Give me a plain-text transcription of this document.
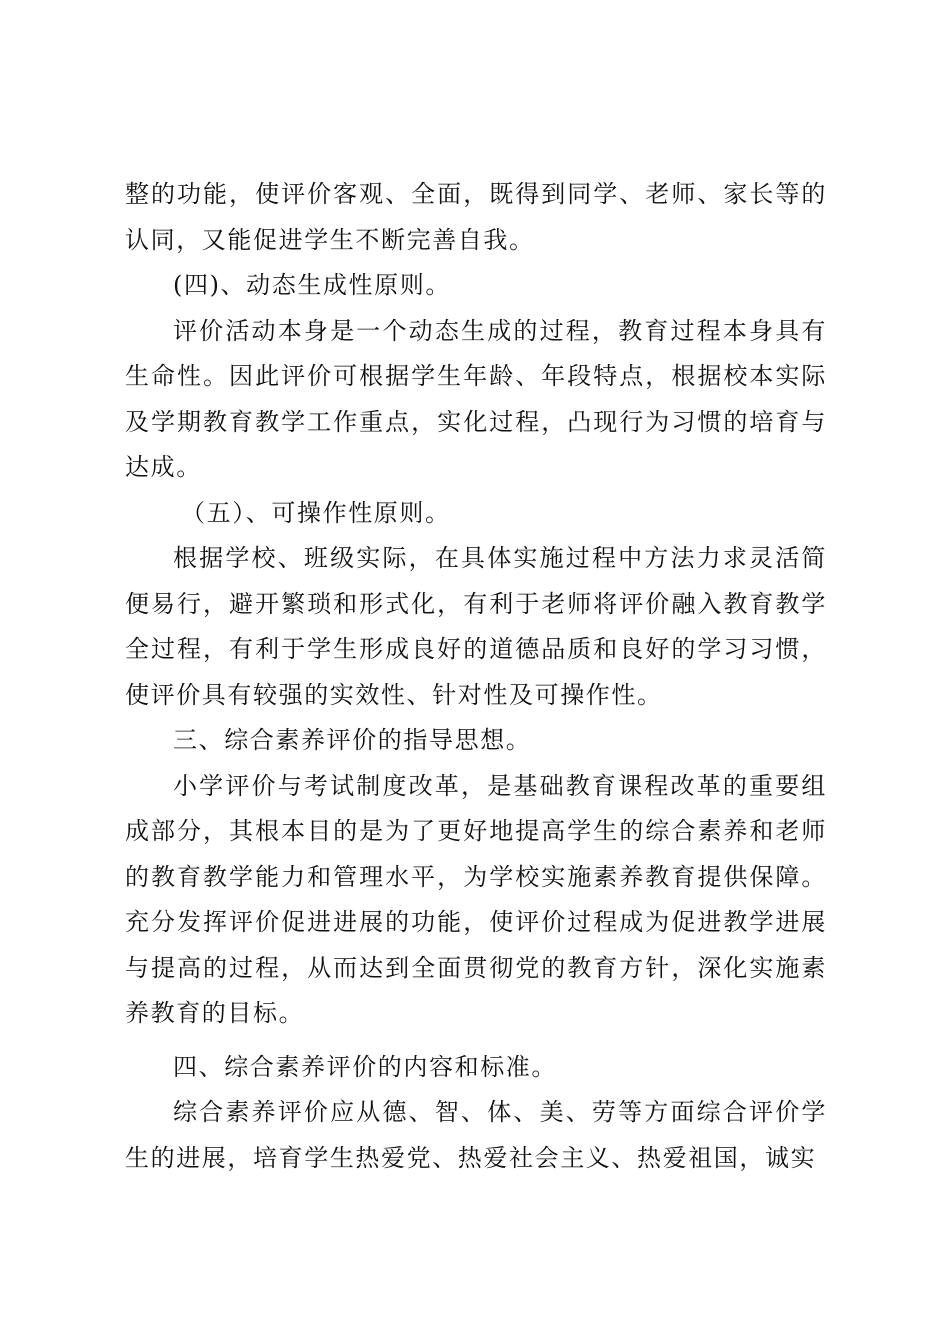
整的功能，使评价客观、全面，既得到同学、老师、家长等的认同，又能促进学生不断完善自我。

(四)、动态生成性原则。

评价活动本身是一个动态生成的过程，教育过程本身具有生命性。因此评价可根据学生年龄、年段特点，根据校本实际及学期教育教学工作重点，实化过程，凸现行为习惯的培育与达成。

（五）、可操作性原则。

根据学校、班级实际，在具体实施过程中方法力求灵活简便易行，避开繁琐和形式化，有利于老师将评价融入教育教学全过程，有利于学生形成良好的道德品质和良好的学习习惯，使评价具有较强的实效性、针对性及可操作性。

三、综合素养评价的指导思想。

小学评价与考试制度改革，是基础教育课程改革的重要组成部分，其根本目的是为了更好地提高学生的综合素养和老师的教育教学能力和管理水平，为学校实施素养教育提供保障。充分发挥评价促进进展的功能，使评价过程成为促进教学进展与提高的过程，从而达到全面贯彻党的教育方针，深化实施素养教育的目标。

四、综合素养评价的内容和标准。

综合素养评价应从德、智、体、美、劳等方面综合评价学生的进展，培育学生热爱党、热爱社会主义、热爱祖国，诚实
